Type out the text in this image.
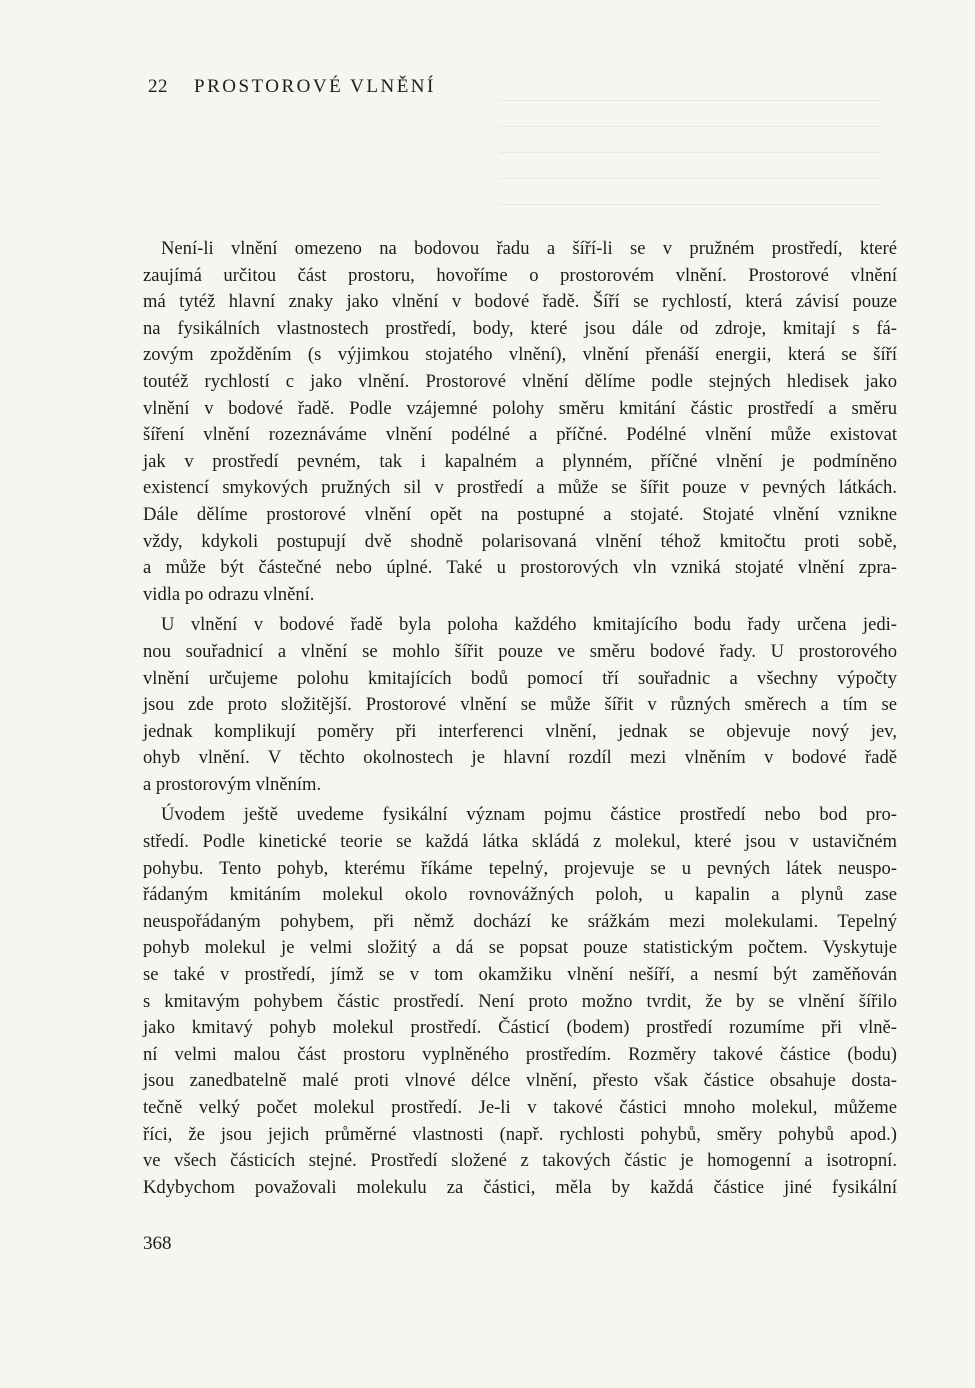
22 PROSTOROVÉ VLNĚNÍ
Není-li vlnění omezeno na bodovou řadu a šíří-li se v pružném prostředí, které
zaujímá určitou část prostoru, hovoříme o prostorovém vlnění. Prostorové vlnění
má tytéž hlavní znaky jako vlnění v bodové řadě. Šíří se rychlostí, která závisí pouze
na fysikálních vlastnostech prostředí, body, které jsou dále od zdroje, kmitají s fá-
zovým zpožděním (s výjimkou stojatého vlnění), vlnění přenáší energii, která se šíří
toutéž rychlostí c jako vlnění. Prostorové vlnění dělíme podle stejných hledisek jako
vlnění v bodové řadě. Podle vzájemné polohy směru kmitání částic prostředí a směru
šíření vlnění rozeznáváme vlnění podélné a příčné. Podélné vlnění může existovat
jak v prostředí pevném, tak i kapalném a plynném, příčné vlnění je podmíněno
existencí smykových pružných sil v prostředí a může se šířit pouze v pevných látkách.
Dále dělíme prostorové vlnění opět na postupné a stojaté. Stojaté vlnění vznikne
vždy, kdykoli postupují dvě shodně polarisovaná vlnění téhož kmitočtu proti sobě,
a může být částečné nebo úplné. Také u prostorových vln vzniká stojaté vlnění zpra-
vidla po odrazu vlnění.
U vlnění v bodové řadě byla poloha každého kmitajícího bodu řady určena jedi-
nou souřadnicí a vlnění se mohlo šířit pouze ve směru bodové řady. U prostorového
vlnění určujeme polohu kmitajících bodů pomocí tří souřadnic a všechny výpočty
jsou zde proto složitější. Prostorové vlnění se může šířit v různých směrech a tím se
jednak komplikují poměry při interferenci vlnění, jednak se objevuje nový jev,
ohyb vlnění. V těchto okolnostech je hlavní rozdíl mezi vlněním v bodové řadě
a prostorovým vlněním.
Úvodem ještě uvedeme fysikální význam pojmu částice prostředí nebo bod pro-
středí. Podle kinetické teorie se každá látka skládá z molekul, které jsou v ustavičném
pohybu. Tento pohyb, kterému říkáme tepelný, projevuje se u pevných látek neuspo-
řádaným kmitáním molekul okolo rovnovážných poloh, u kapalin a plynů zase
neuspořádaným pohybem, při němž dochází ke srážkám mezi molekulami. Tepelný
pohyb molekul je velmi složitý a dá se popsat pouze statistickým počtem. Vyskytuje
se také v prostředí, jímž se v tom okamžiku vlnění nešíří, a nesmí být zaměňován
s kmitavým pohybem částic prostředí. Není proto možno tvrdit, že by se vlnění šířilo
jako kmitavý pohyb molekul prostředí. Částicí (bodem) prostředí rozumíme při vlně-
ní velmi malou část prostoru vyplněného prostředím. Rozměry takové částice (bodu)
jsou zanedbatelně malé proti vlnové délce vlnění, přesto však částice obsahuje dosta-
tečně velký počet molekul prostředí. Je-li v takové částici mnoho molekul, můžeme
říci, že jsou jejich průměrné vlastnosti (např. rychlosti pohybů, směry pohybů apod.)
ve všech částicích stejné. Prostředí složené z takových částic je homogenní a isotropní.
Kdybychom považovali molekulu za částici, měla by každá částice jiné fysikální
368
